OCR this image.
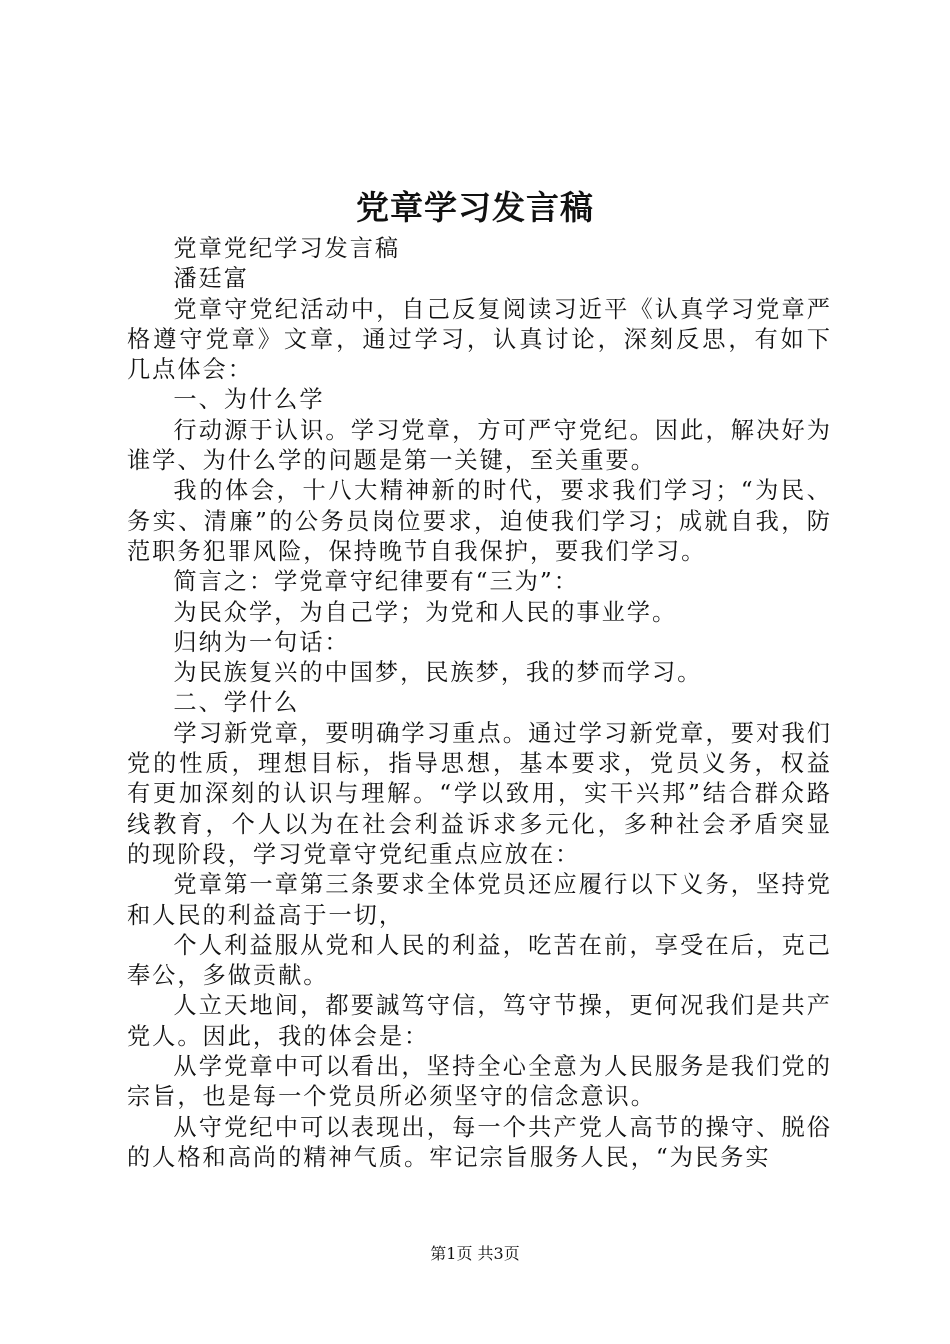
党章学习发言稿

党章党纪学习发言稿

潘廷富

党章守党纪活动中，自己反复阅读习近平《认真学习党章严格遵守党章》文章，通过学习，认真讨论，深刻反思，有如下几点体会：

一、为什么学

行动源于认识。学习党章，方可严守党纪。因此，解决好为谁学、为什么学的问题是第一关键，至关重要。

我的体会，十八大精神新的时代，要求我们学习；“为民、务实、清廉”的公务员岗位要求，迫使我们学习；成就自我，防范职务犯罪风险，保持晚节自我保护，要我们学习。

简言之：学党章守纪律要有“三为”：

为民众学，为自己学；为党和人民的事业学。

归纳为一句话：

为民族复兴的中国梦，民族梦，我的梦而学习。

二、学什么

学习新党章，要明确学习重点。通过学习新党章，要对我们党的性质，理想目标，指导思想，基本要求，党员义务，权益有更加深刻的认识与理解。“学以致用，实干兴邦”结合群众路线教育，个人以为在社会利益诉求多元化，多种社会矛盾突显的现阶段，学习党章守党纪重点应放在：

党章第一章第三条要求全体党员还应履行以下义务，坚持党和人民的利益高于一切，

个人利益服从党和人民的利益，吃苦在前，享受在后，克己奉公，多做贡献。

人立天地间，都要誠笃守信，笃守节操，更何况我们是共产党人。因此，我的体会是：

从学党章中可以看出，坚持全心全意为人民服务是我们党的宗旨，也是每一个党员所必须坚守的信念意识。

从守党纪中可以表现出，每一个共产党人高节的操守、脱俗的人格和高尚的精神气质。牢记宗旨服务人民，“为民务实

第1页 共3页
